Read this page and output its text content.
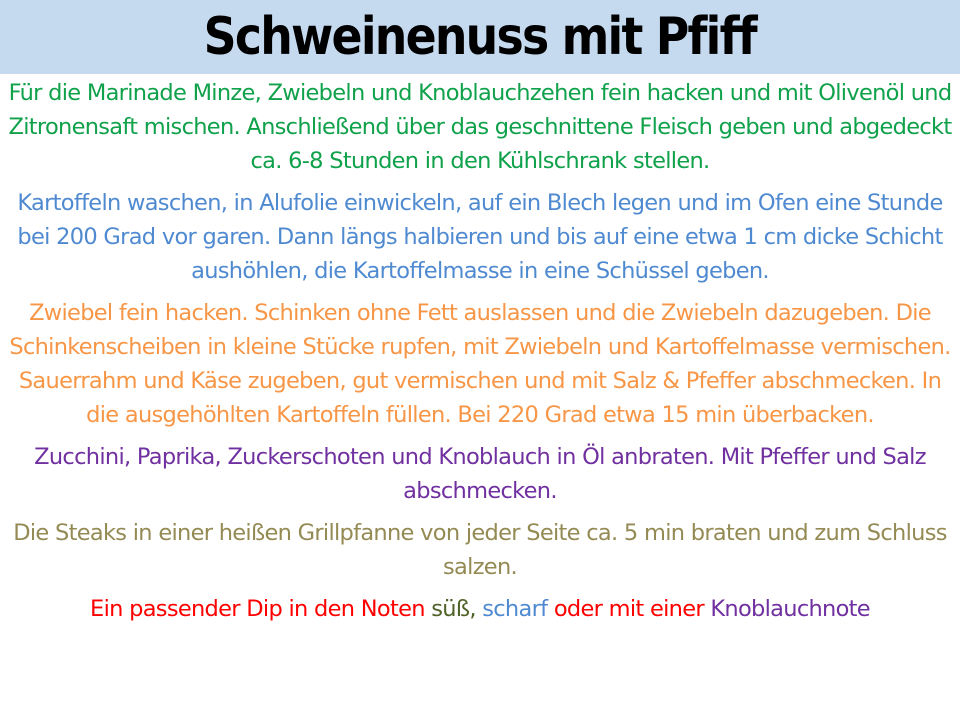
Schweinenuss mit Pfiff

Für die Marinade Minze, Zwiebeln und Knoblauchzehen fein hacken und mit Olivenöl und Zitronensaft mischen. Anschließend über das geschnittene Fleisch geben und abgedeckt ca. 6-8 Stunden in den Kühlschrank stellen.

Kartoffeln waschen, in Alufolie einwickeln, auf ein Blech legen und im Ofen eine Stunde bei 200 Grad vor garen. Dann längs halbieren und bis auf eine etwa 1 cm dicke Schicht aushöhlen, die Kartoffelmasse in eine Schüssel geben.

Zwiebel fein hacken. Schinken ohne Fett auslassen und die Zwiebeln dazugeben. Die Schinkenscheiben in kleine Stücke rupfen, mit Zwiebeln und Kartoffelmasse vermischen. Sauerrahm und Käse zugeben, gut vermischen und mit Salz & Pfeffer abschmecken. In die ausgehöhlten Kartoffeln füllen. Bei 220 Grad etwa 15 min überbacken.

Zucchini, Paprika, Zuckerschoten und Knoblauch in Öl anbraten. Mit Pfeffer und Salz abschmecken.

Die Steaks in einer heißen Grillpfanne von jeder Seite ca. 5 min braten und zum Schluss salzen.

Ein passender Dip in den Noten süß, scharf oder mit einer Knoblauchnote
